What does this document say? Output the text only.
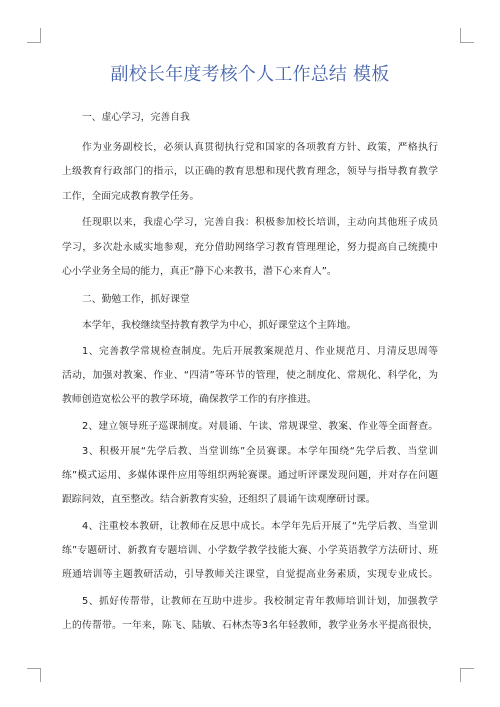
副校长年度考核个人工作总结 模板
一、虚心学习，完善自我
作为业务副校长，必须认真贯彻执行党和国家的各项教育方针、政策，严格执行
上级教育行政部门的指示，以正确的教育思想和现代教育理念，领导与指导教育教学
工作，全面完成教育教学任务。
任现职以来，我虚心学习，完善自我：积极参加校长培训，主动向其他班子成员
学习，多次赴永威实地参观，充分借助网络学习教育管理理论，努力提高自己统揽中
心小学业务全局的能力，真正“静下心来教书，潜下心来育人”。
二、勤勉工作，抓好课堂
本学年，我校继续坚持教育教学为中心，抓好课堂这个主阵地。
1、完善教学常规检查制度。先后开展教案规范月、作业规范月、月清反思周等
活动，加强对教案、作业、“四清”等环节的管理，使之制度化、常规化、科学化，为
教师创造宽松公平的教学环境，确保教学工作的有序推进。
2、建立领导班子巡课制度。对晨诵、午读、常规课堂、教案、作业等全面督查。
3、积极开展“先学后教、当堂训练”全员赛课。本学年围绕“先学后教、当堂训
练”模式运用、多媒体课件应用等组织两轮赛课。通过听评课发现问题，并对存在问题
跟踪问效，直至整改。结合新教育实验，还组织了晨诵午读观摩研讨课。
4、注重校本教研，让教师在反思中成长。本学年先后开展了“先学后教、当堂训
练”专题研讨、新教育专题培训、小学数学教学技能大赛、小学英语教学方法研讨、班
班通培训等主题教研活动，引导教师关注课堂，自觉提高业务素质，实现专业成长。
5、抓好传帮带，让教师在互助中进步。我校制定青年教师培训计划，加强教学
上的传帮带。一年来，陈飞、陆敏、石林杰等3名年轻教师，教学业务水平提高很快，
